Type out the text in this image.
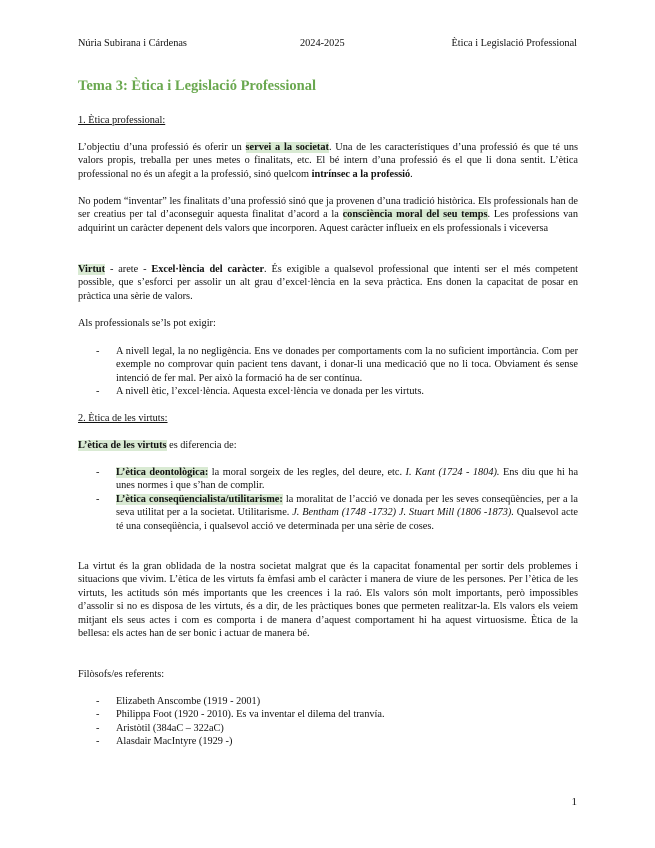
Núria Subirana i Cárdenas	2024-2025	Ètica i Legislació Professional
Tema 3: Ètica i Legislació Professional
1. Ètica professional:
L’objectiu d’una professió és oferir un servei a la societat. Una de les característiques d’una professió és que té uns valors propis, treballa per unes metes o finalitats, etc. El bé intern d’una professió és el que li dona sentit. L’ètica professional no és un afegit a la professió, sinó quelcom intrínsec a la professió.
No podem “inventar” les finalitats d’una professió sinó que ja provenen d’una tradició històrica. Els professionals han de ser creatius per tal d’aconseguir aquesta finalitat d’acord a la consciència moral del seu temps. Les professions van adquirint un caràcter depenent dels valors que incorporen. Aquest caràcter influeix en els professionals i viceversa
Virtut - arete - Excel·lència del caràcter. És exigible a qualsevol professional que intenti ser el més competent possible, que s’esforci per assolir un alt grau d’excel·lència en la seva pràctica. Ens donen la capacitat de posar en pràctica una sèrie de valors.
Als professionals se’ls pot exigir:
- A nivell legal, la no negligència. Ens ve donades per comportaments com la no suficient importància. Com per exemple no comprovar quin pacient tens davant, i donar-li una medicació que no li toca. Obviament és sense intenció de fer mal. Per això la formació ha de ser contínua.
- A nivell ètic, l’excel·lència. Aquesta excel·lència ve donada per les virtuts.
2. Ètica de les virtuts:
L’ètica de les virtuts es diferencia de:
- L’ètica deontològica: la moral sorgeix de les regles, del deure, etc. I. Kant (1724 - 1804). Ens diu que hi ha unes normes i que s’han de complir.
- L’ètica conseqüencialista/utilitarisme: la moralitat de l’acció ve donada per les seves conseqüències, per a la seva utilitat per a la societat. Utilitarisme. J. Bentham (1748 -1732) J. Stuart Mill (1806 -1873). Qualsevol acte té una conseqüència, i qualsevol acció ve determinada per una sèrie de coses.
La virtut és la gran oblidada de la nostra societat malgrat que és la capacitat fonamental per sortir dels problemes i situacions que vivim. L’ètica de les virtuts fa èmfasi amb el caràcter i manera de viure de les persones. Per l’ètica de les virtuts, les actituds són més importants que les creences i la raó. Els valors són molt importants, però impossibles d’assolir si no es disposa de les virtuts, és a dir, de les pràctiques bones que permeten realitzar-la. Els valors els veiem mitjant els seus actes i com es comporta i de manera d’aquest comportament hi ha aquest virtuosisme. Ètica de la bellesa: els actes han de ser bonic i actuar de manera bé.
Filòsofs/es referents:
- Elizabeth Anscombe (1919 - 2001)
- Philippa Foot (1920 - 2010). Es va inventar el dilema del tranvía.
- Aristòtil (384aC – 322aC)
- Alasdair MacIntyre (1929 -)
1
